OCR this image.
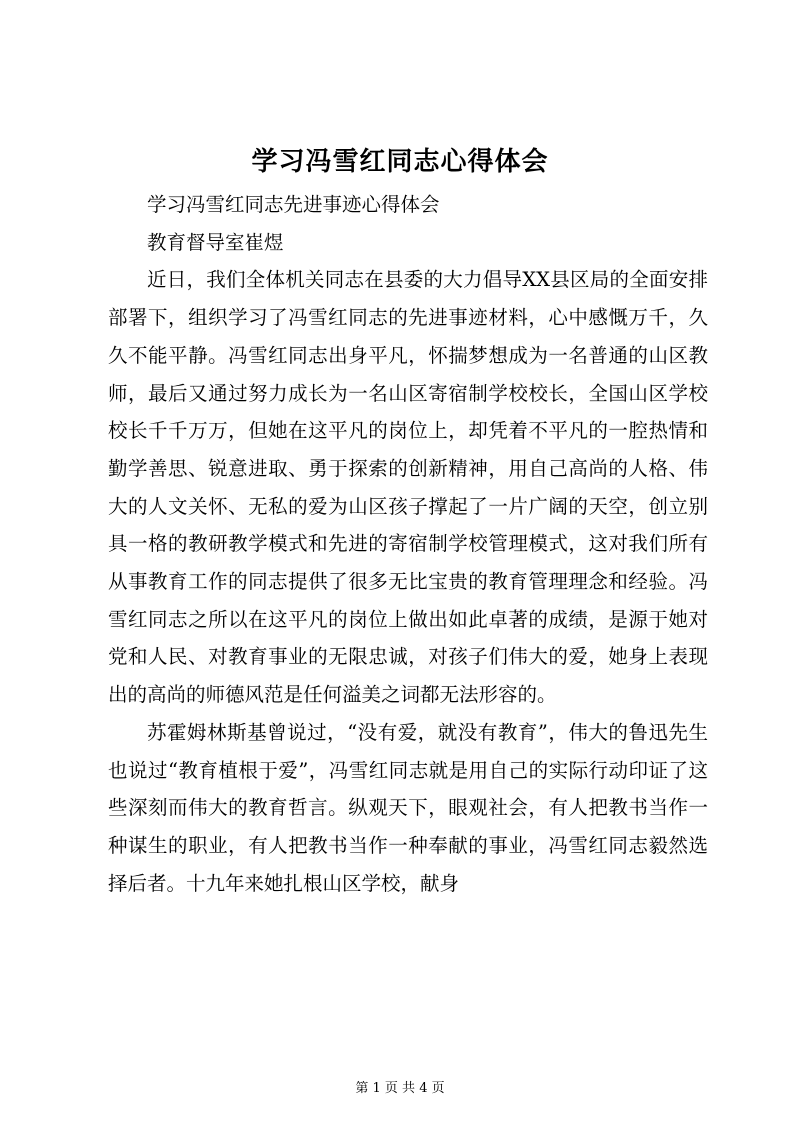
学习冯雪红同志心得体会

学习冯雪红同志先进事迹心得体会

教育督导室崔煜

近日，我们全体机关同志在县委的大力倡导XX县区局的全面安排部署下，组织学习了冯雪红同志的先进事迹材料，心中感慨万千，久久不能平静。冯雪红同志出身平凡，怀揣梦想成为一名普通的山区教师，最后又通过努力成长为一名山区寄宿制学校校长，全国山区学校校长千千万万，但她在这平凡的岗位上，却凭着不平凡的一腔热情和勤学善思、锐意进取、勇于探索的创新精神，用自己高尚的人格、伟大的人文关怀、无私的爱为山区孩子撑起了一片广阔的天空，创立别具一格的教研教学模式和先进的寄宿制学校管理模式，这对我们所有从事教育工作的同志提供了很多无比宝贵的教育管理理念和经验。冯雪红同志之所以在这平凡的岗位上做出如此卓著的成绩，是源于她对党和人民、对教育事业的无限忠诚，对孩子们伟大的爱，她身上表现出的高尚的师德风范是任何溢美之词都无法形容的。

苏霍姆林斯基曾说过，“没有爱，就没有教育”，伟大的鲁迅先生也说过“教育植根于爱”，冯雪红同志就是用自己的实际行动印证了这些深刻而伟大的教育哲言。纵观天下，眼观社会，有人把教书当作一种谋生的职业，有人把教书当作一种奉献的事业，冯雪红同志毅然选择后者。十九年来她扎根山区学校，献身

第 1 页 共 4 页
